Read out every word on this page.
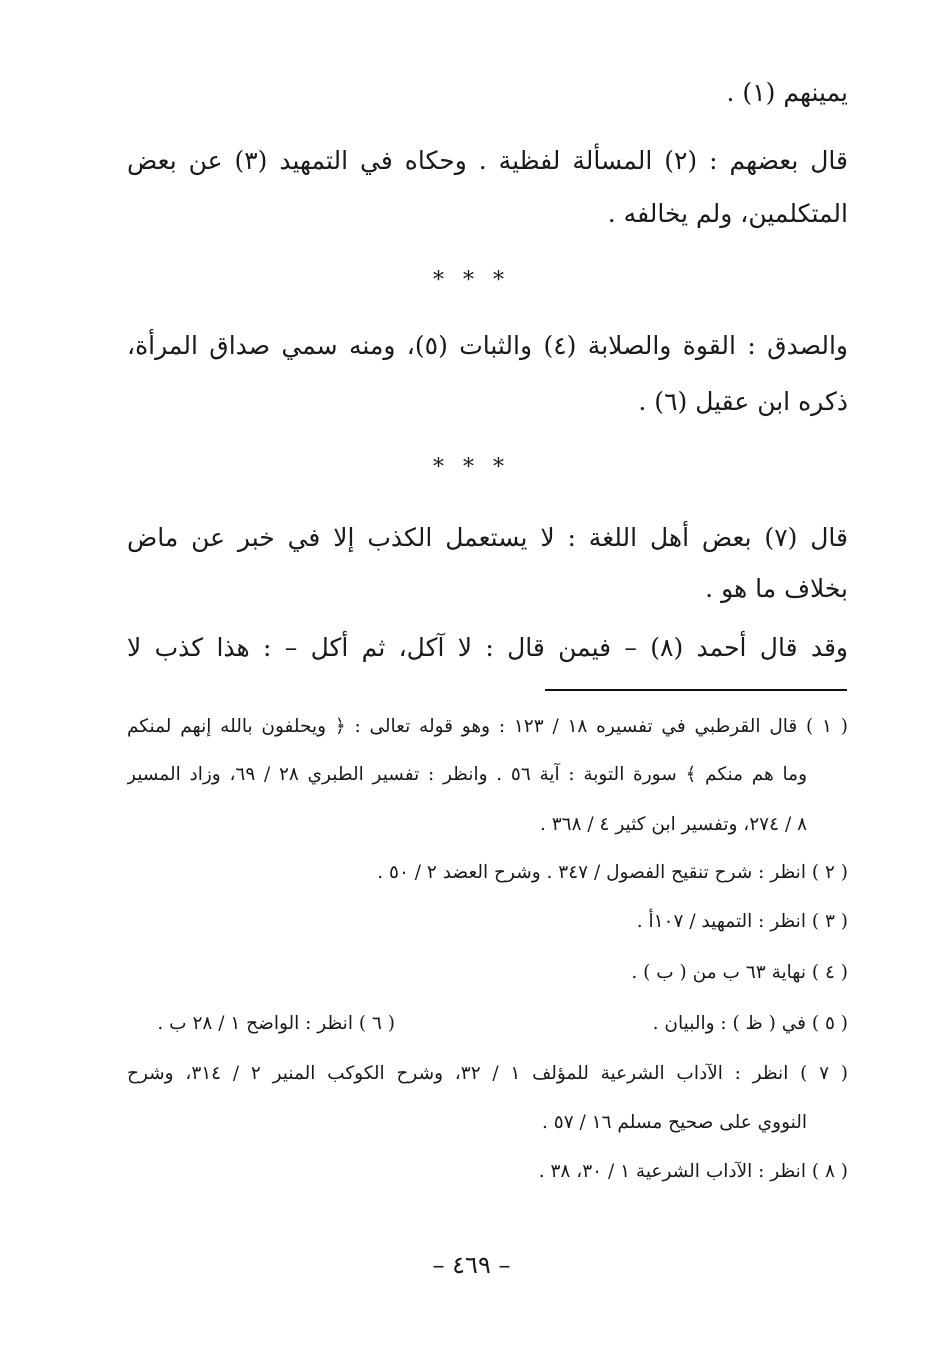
يمينهم (١) .
قال بعضهم : (٢) المسألة لفظية . وحكاه في التمهيد (٣) عن بعض
المتكلمين، ولم يخالفه .
* * *
والصدق : القوة والصلابة (٤) والثبات (٥)، ومنه سمي صداق المرأة،
ذكره ابن عقيل (٦) .
* * *
قال (٧) بعض أهل اللغة : لا يستعمل الكذب إلا في خبر عن ماض
بخلاف ما هو .
وقد قال أحمد (٨) – فيمن قال : لا آكل، ثم أكل – : هذا كذب لا
( ١ ) قال القرطبي في تفسيره ١٨ / ١٢٣ : وهو قوله تعالى : ﴿ ويحلفون بالله إنهم لمنكم
وما هم منكم ﴾ سورة التوبة : آية ٥٦ . وانظر : تفسير الطبري ٢٨ / ٦٩، وزاد المسير
٨ / ٢٧٤، وتفسير ابن كثير ٤ / ٣٦٨ .
( ٢ ) انظر : شرح تنقيح الفصول / ٣٤٧ . وشرح العضد ٢ / ٥٠ .
( ٣ ) انظر : التمهيد / ١٠٧أ .
( ٤ ) نهاية ٦٣ ب من ( ب ) .
( ٥ ) في ( ظ ) : والبيان .
( ٦ ) انظر : الواضح ١ / ٢٨ ب .
( ٧ ) انظر : الآداب الشرعية للمؤلف ١ / ٣٢، وشرح الكوكب المنير ٢ / ٣١٤، وشرح
النووي على صحيح مسلم ١٦ / ٥٧ .
( ٨ ) انظر : الآداب الشرعية ١ / ٣٠، ٣٨ .
– ٤٦٩ –
